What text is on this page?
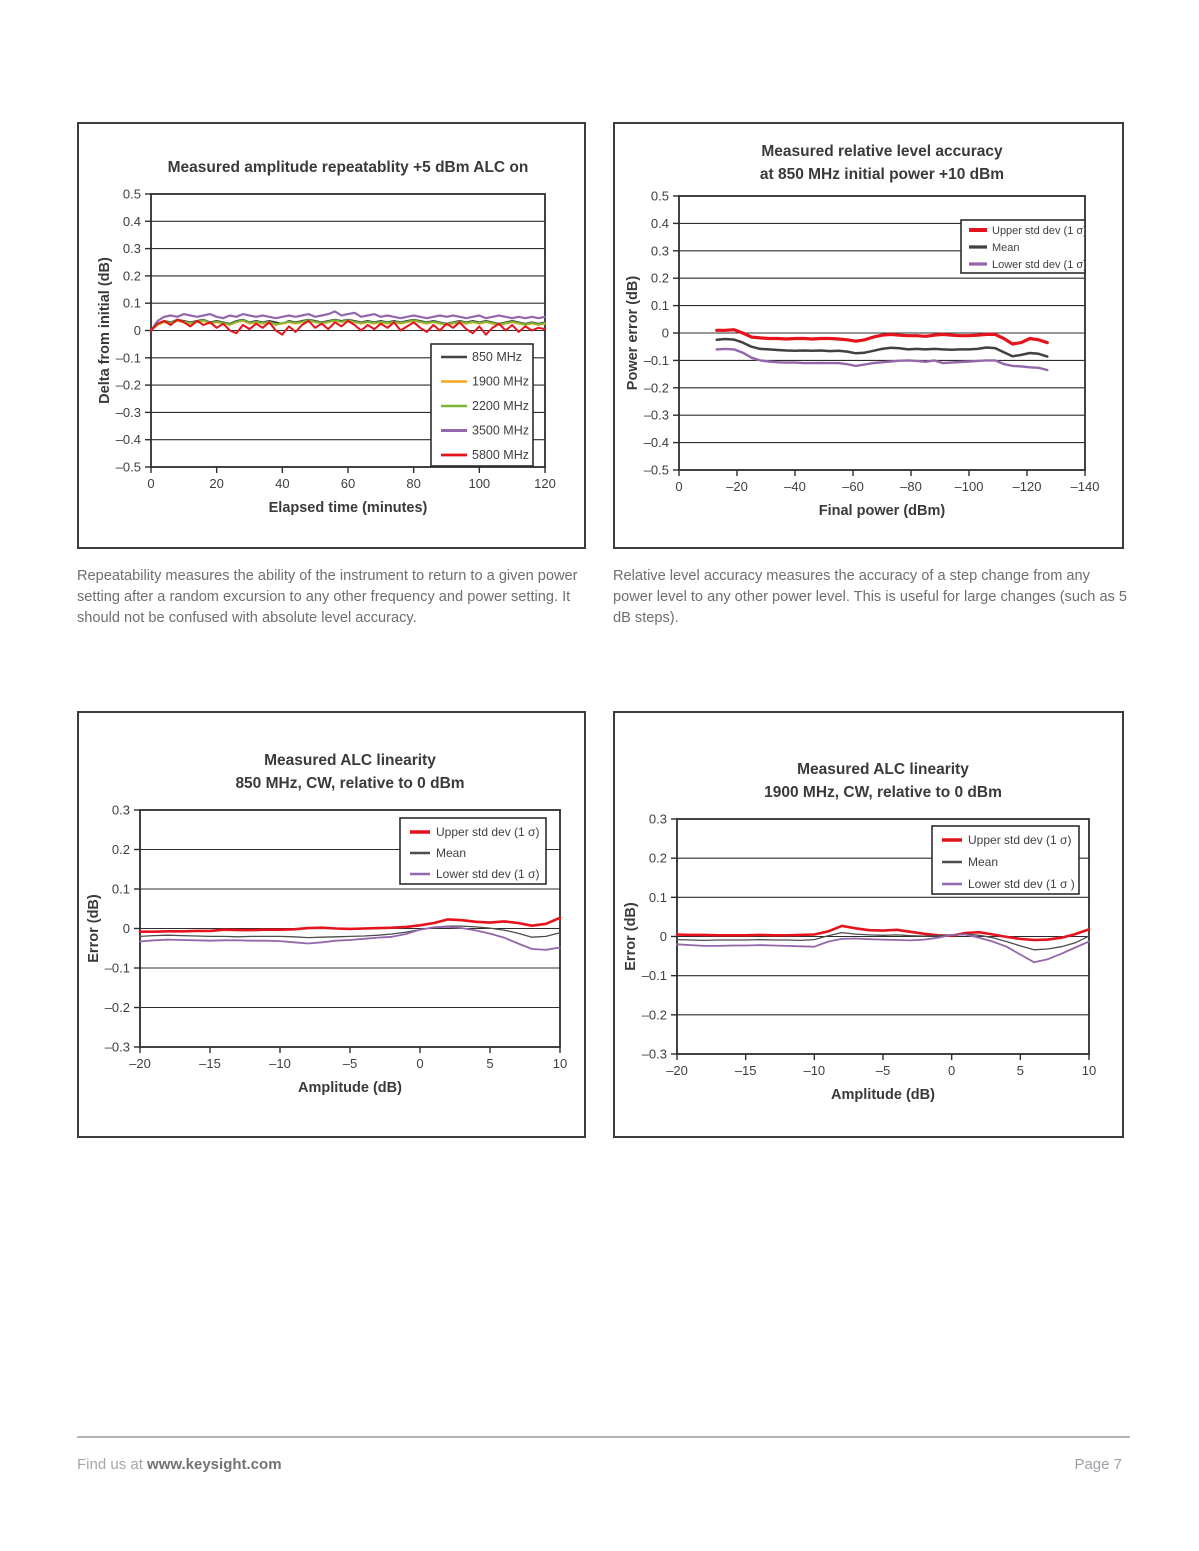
0.5
0.4
0.3
0.2
0.1
0
–0.1
–0.2
–0.3
–0.4
–0.5
0	20	40	60	80	100	120
850 MHz
1900 MHz
2200 MHz
3500 MHz
5800 MHz
Measured amplitude repeatablity +5 dBm ALC on
Elapsed time (minutes)
Delta from initial (dB)
0.5
0.4
0.3
0.2
0.1
0
–0.1
–0.2
–0.3
–0.4
–0.5
0	–20	–40	–60	–80	–100 –120 –140
Upper std dev (1 σ)
Mean
Lower std dev (1 σ)
Measured relative level accuracy
at 850 MHz initial power +10 dBm
Final power (dBm)
Power error (dB)
Repeatability measures the ability of the instrument to return to a given power setting after a random excursion to any other frequency and power setting. It should not be confused with absolute level accuracy.
Relative level accuracy measures the accuracy of a step change from any power level to any other power level. This is useful for large changes (such as 5 dB steps).
0.3
0.2
0.1
0
–0.1
–0.2
–0.3
–20	–15	–10	–5	0	5	10
Upper std dev (1 σ)
Mean
Lower std dev (1 σ)
Measured ALC linearity
850 MHz, CW, relative to 0 dBm
Amplitude (dB)
Error (dB)
0.3
0.2
0.1
0
–0.1
–0.2
–0.3
–20	–15	–10	–5	0	5	10
Upper std dev (1 σ)
Mean
Lower std dev (1 σ )
Measured ALC linearity
1900 MHz, CW, relative to 0 dBm
Amplitude (dB)
Error (dB)
Find us at www.keysight.com	Page 7
